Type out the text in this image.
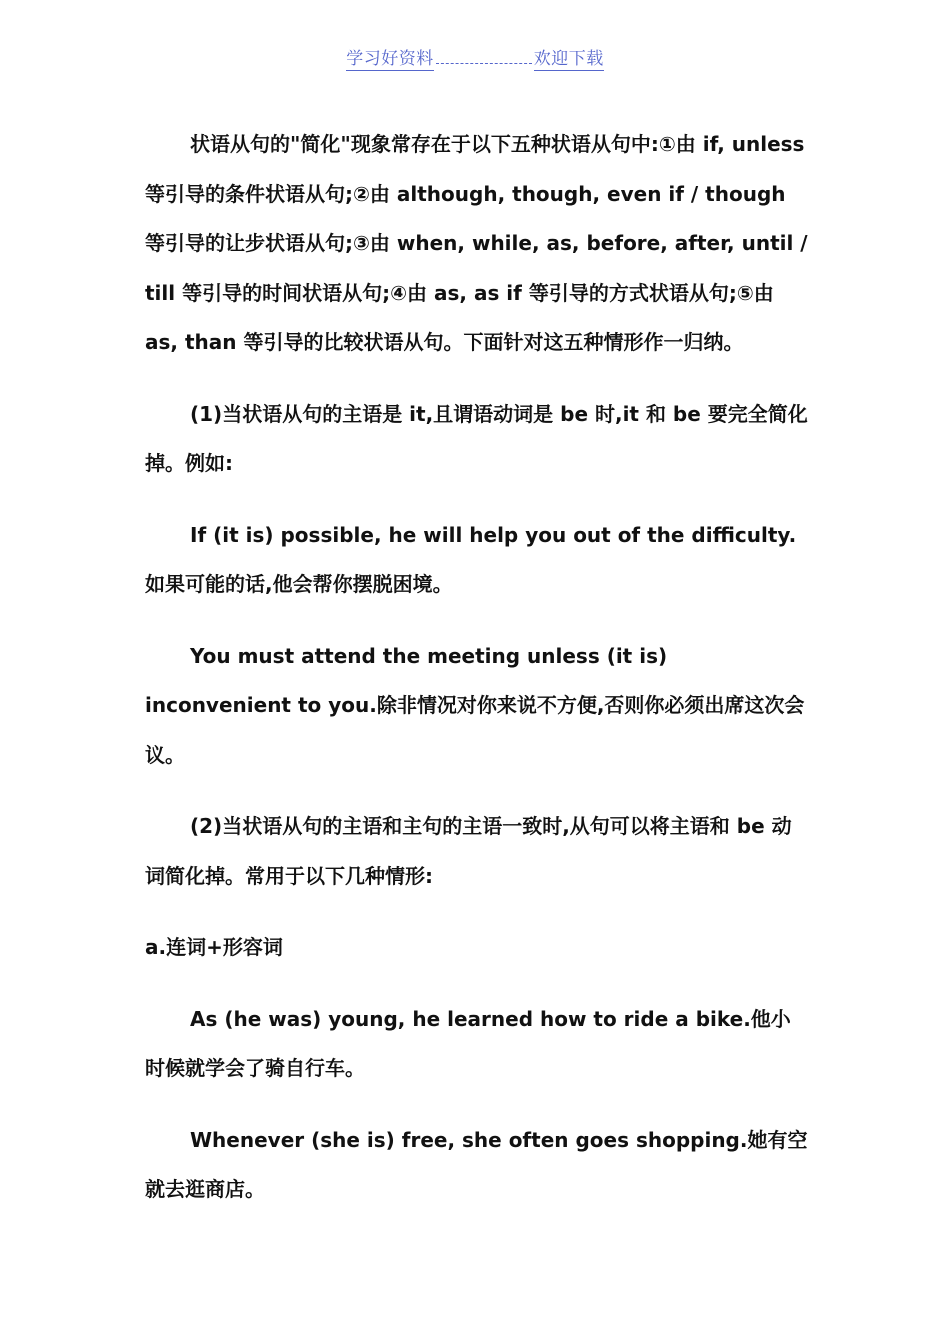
学习好资料	欢迎下载

状语从句的"简化"现象常存在于以下五种状语从句中:①由 if, unless 等引导的条件状语从句;②由 although, though, even if / though 等引导的让步状语从句;③由 when, while, as, before, after, until / till 等引导的时间状语从句;④由 as, as if 等引导的方式状语从句;⑤由 as, than 等引导的比较状语从句。下面针对这五种情形作一归纳。

(1)当状语从句的主语是 it,且谓语动词是 be 时,it 和 be 要完全简化掉。例如:

If (it is) possible, he will help you out of the difficulty. 如果可能的话,他会帮你摆脱困境。

You must attend the meeting unless (it is) inconvenient to you.除非情况对你来说不方便,否则你必须出席这次会议。

(2)当状语从句的主语和主句的主语一致时,从句可以将主语和 be 动词简化掉。常用于以下几种情形:

a.连词+形容词

As (he was) young, he learned how to ride a bike.他小时候就学会了骑自行车。

Whenever (she is) free, she often goes shopping.她有空就去逛商店。
